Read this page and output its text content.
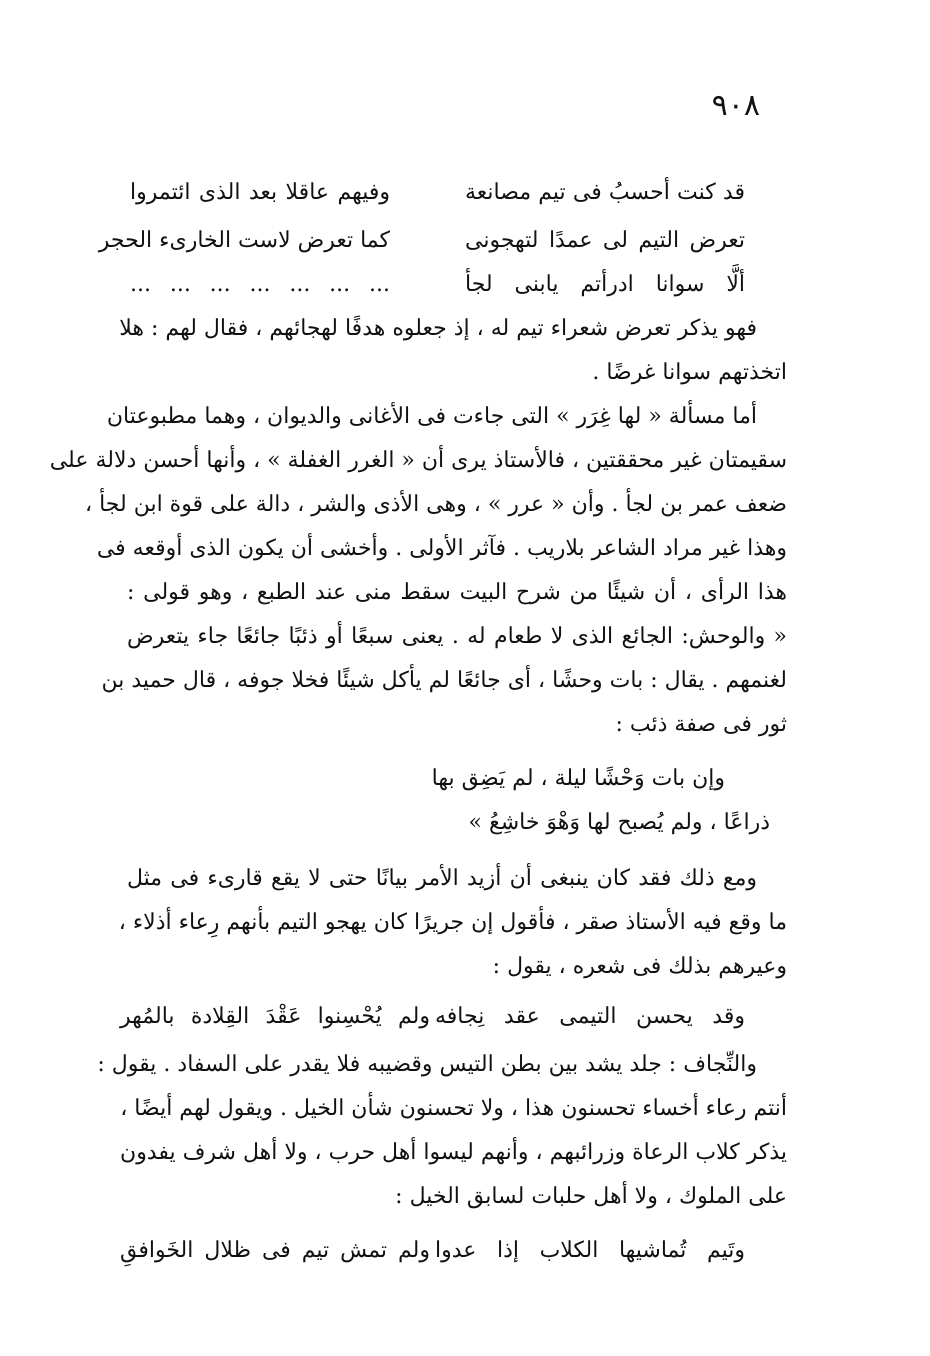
٩٠٨
قد كنت أحسبُ فى تيم مصانعة
وفيهم عاقلا بعد الذى ائتمروا
تعرض التيم لى عمدًا لتهجونى
كما تعرض لاست الخارىء الحجر
ألَّا سوانا ادرأتم يابنى لجأ
... ... ... ... ... ... ...
فهو يذكر تعرض شعراء تيم له ، إذ جعلوه هدفًا لهجائهم ، فقال لهم : هلا
اتخذتهم سوانا غرضًا .
أما مسألة « لها غِرَر » التى جاءت فى الأغانى والديوان ، وهما مطبوعتان
سقيمتان غير محققتين ، فالأستاذ يرى أن « الغرر الغفلة » ، وأنها أحسن دلالة على
ضعف عمر بن لجأ . وأن « عرر » ، وهى الأذى والشر ، دالة على قوة ابن لجأ ،
وهذا غير مراد الشاعر بلاريب . فآثر الأولى . وأخشى أن يكون الذى أوقعه فى
هذا الرأى ، أن شيئًا من شرح البيت سقط منى عند الطبع ، وهو قولى :
« والوحش: الجائع الذى لا طعام له . يعنى سبعًا أو ذئبًا جائعًا جاء يتعرض
لغنمهم . يقال : بات وحشًا ، أى جائعًا لم يأكل شيئًا فخلا جوفه ، قال حميد بن
ثور فى صفة ذئب :
وإن بات وَحْشًا ليلة ، لم يَضِق بها
ذراعًا ، ولم يُصبح لها وَهْوَ خاشِعُ »
ومع ذلك فقد كان ينبغى أن أزيد الأمر بيانًا حتى لا يقع قارىء فى مثل
ما وقع فيه الأستاذ صقر ، فأقول إن جريرًا كان يهجو التيم بأنهم رِعاء أذلاء ،
وعيرهم بذلك فى شعره ، يقول :
وقد يحسن التيمى عقد نِجافه
ولم يُحْسِنوا عَقْدَ القِلادة بالمُهر
والنِّجاف : جلد يشد بين بطن التيس وقضيبه فلا يقدر على السفاد . يقول :
أنتم رعاء أخساء تحسنون هذا ، ولا تحسنون شأن الخيل . ويقول لهم أيضًا ،
يذكر كلاب الرعاة وزرائبهم ، وأنهم ليسوا أهل حرب ، ولا أهل شرف يفدون
على الملوك ، ولا أهل حلبات لسابق الخيل :
وتَيم تُماشيها الكلاب إذا عدوا
ولم تمش تيم فى ظلال الخَوافقِ
